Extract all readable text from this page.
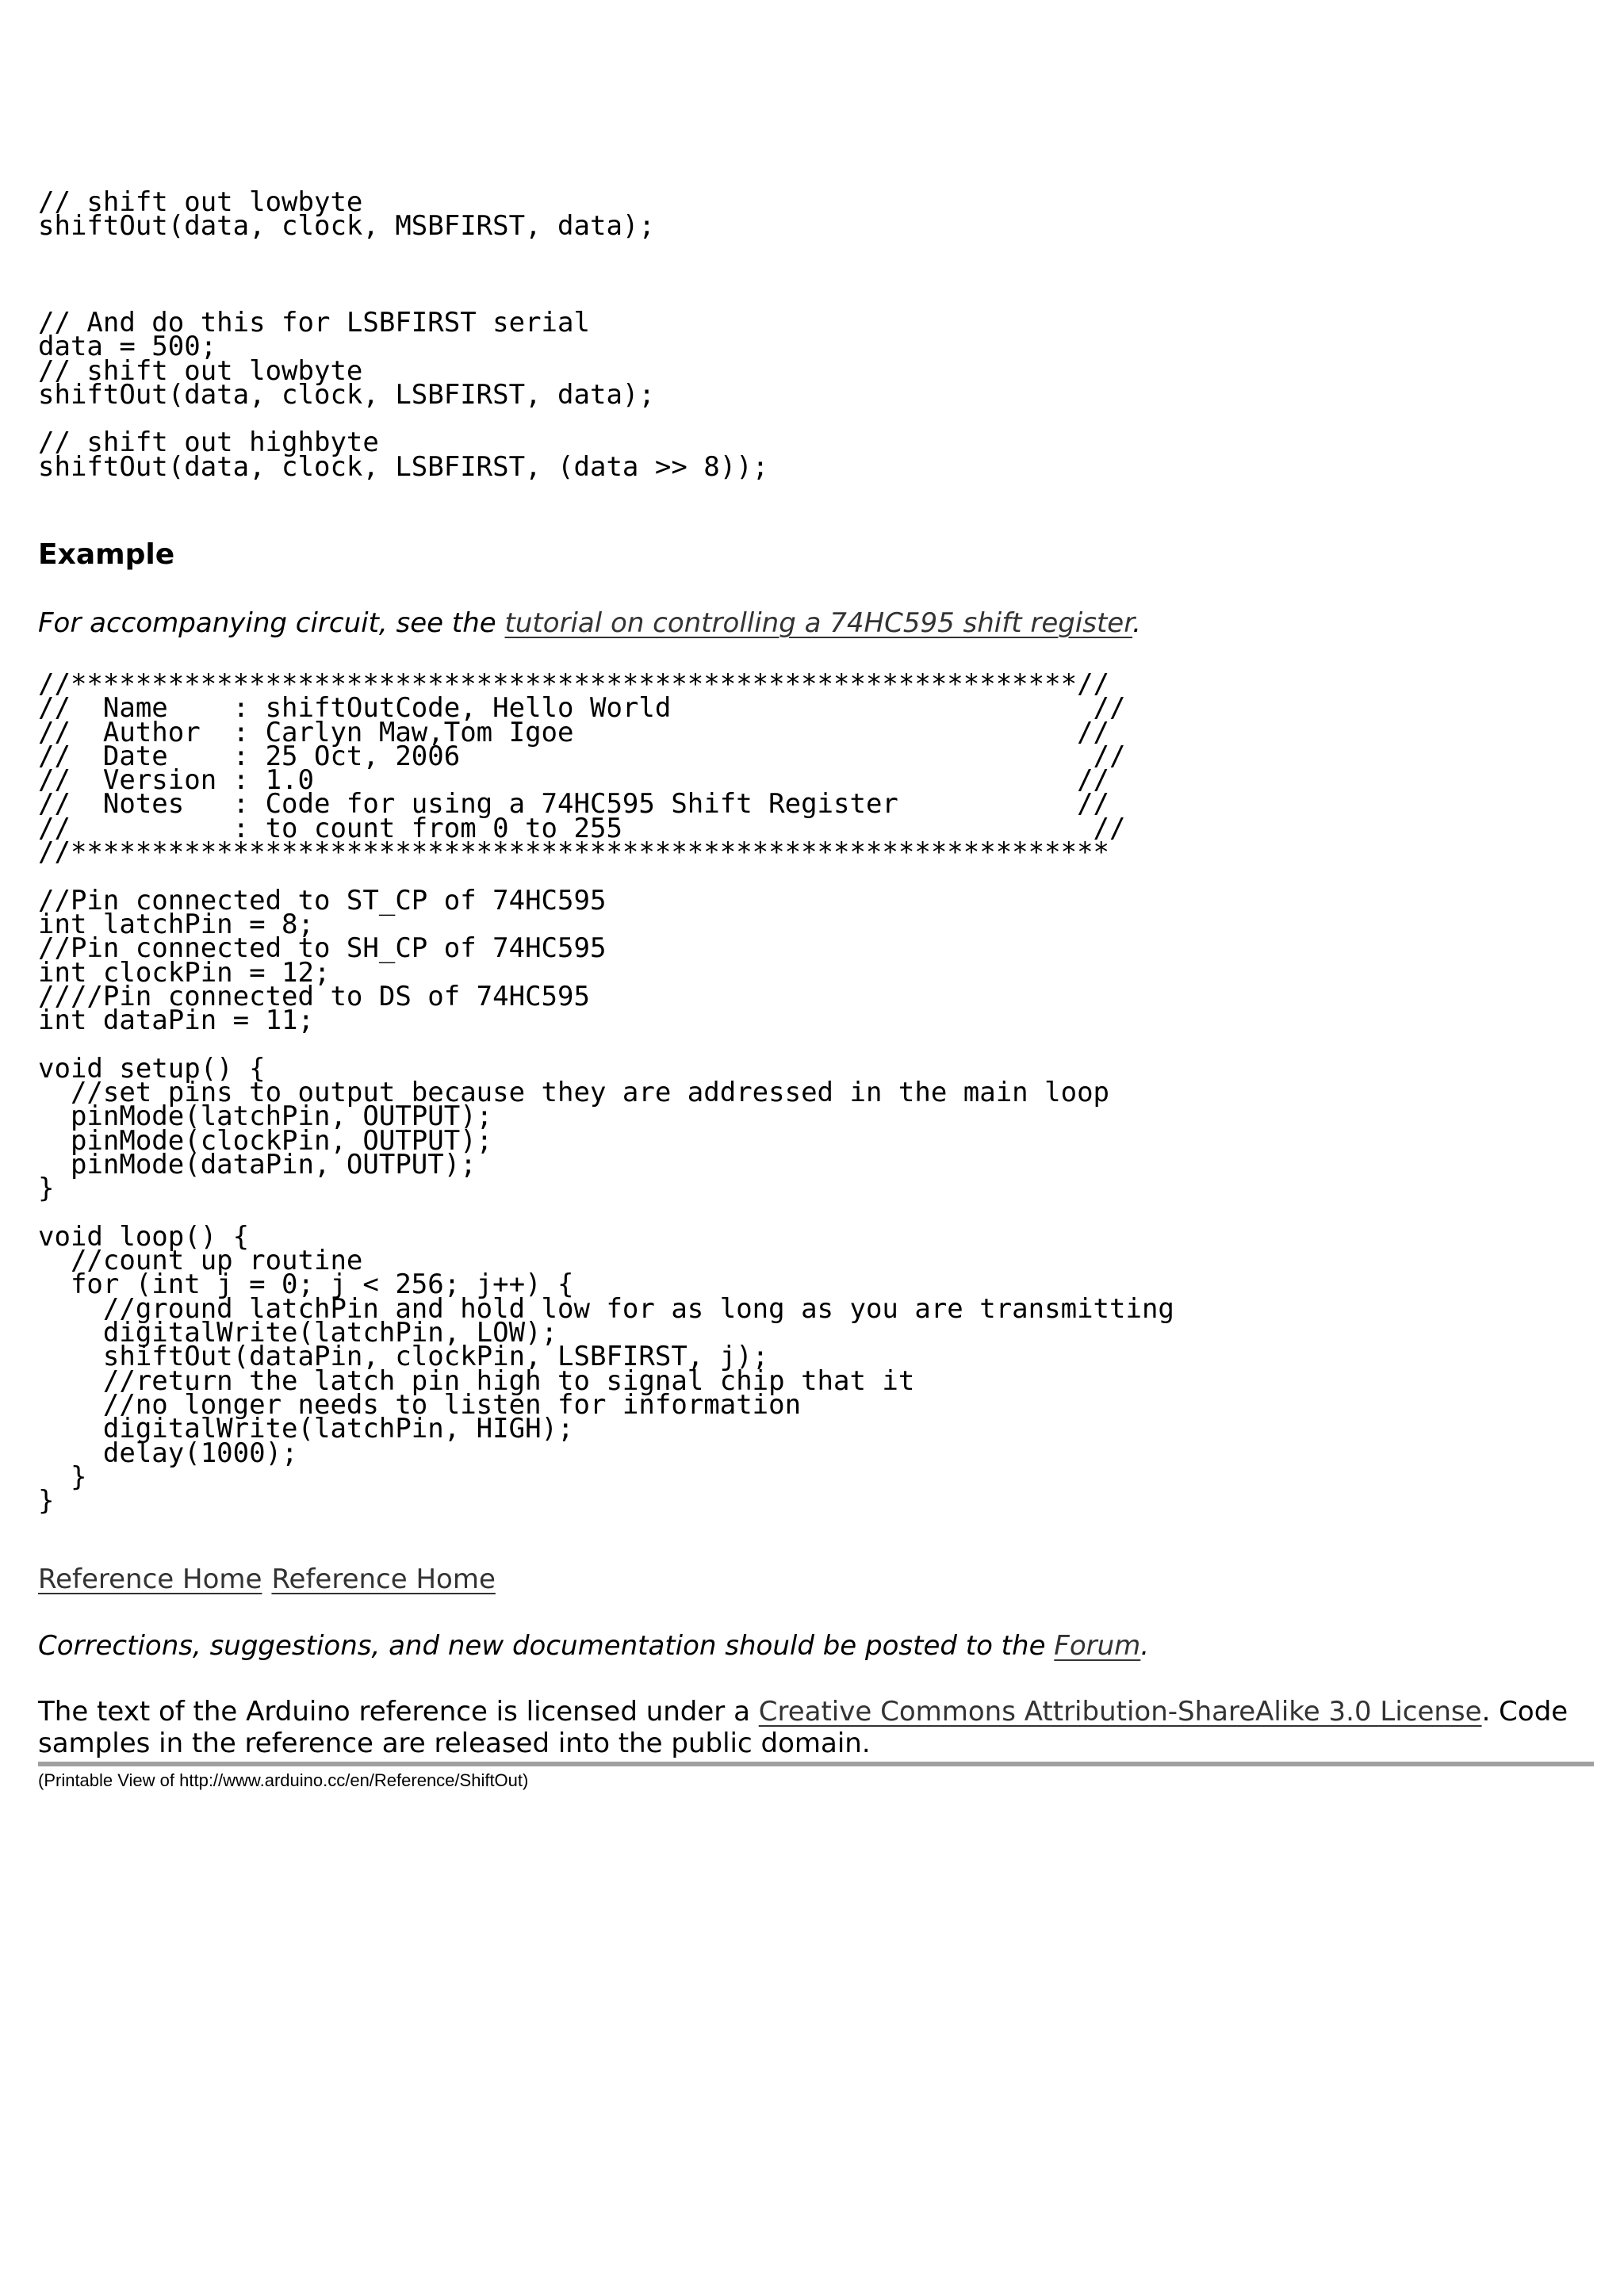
// shift out lowbyte
shiftOut(data, clock, MSBFIRST, data);
// And do this for LSBFIRST serial
data = 500;
// shift out lowbyte
shiftOut(data, clock, LSBFIRST, data);

// shift out highbyte
shiftOut(data, clock, LSBFIRST, (data >> 8));
Example

For accompanying circuit, see the tutorial on controlling a 74HC595 shift register.

//**************************************************************//
//  Name    : shiftOutCode, Hello World                          //
//  Author  : Carlyn Maw,Tom Igoe                               //
//  Date    : 25 Oct, 2006                                       //
//  Version : 1.0                                               //
//  Notes   : Code for using a 74HC595 Shift Register           //
//          : to count from 0 to 255                             //
//****************************************************************

//Pin connected to ST_CP of 74HC595
int latchPin = 8;
//Pin connected to SH_CP of 74HC595
int clockPin = 12;
////Pin connected to DS of 74HC595
int dataPin = 11;

void setup() {
//set pins to output because they are addressed in the main loop
pinMode(latchPin, OUTPUT);
pinMode(clockPin, OUTPUT);
pinMode(dataPin, OUTPUT);
}

void loop() {
//count up routine
for (int j = 0; j < 256; j++) {
//ground latchPin and hold low for as long as you are transmitting
digitalWrite(latchPin, LOW);
shiftOut(dataPin, clockPin, LSBFIRST, j);
//return the latch pin high to signal chip that it
//no longer needs to listen for information
digitalWrite(latchPin, HIGH);
delay(1000);
}
}

Reference Home Reference Home

Corrections, suggestions, and new documentation should be posted to the Forum.

The text of the Arduino reference is licensed under a Creative Commons Attribution-ShareAlike 3.0 License. Code samples in the reference are released into the public domain.

(Printable View of http://www.arduino.cc/en/Reference/ShiftOut)
